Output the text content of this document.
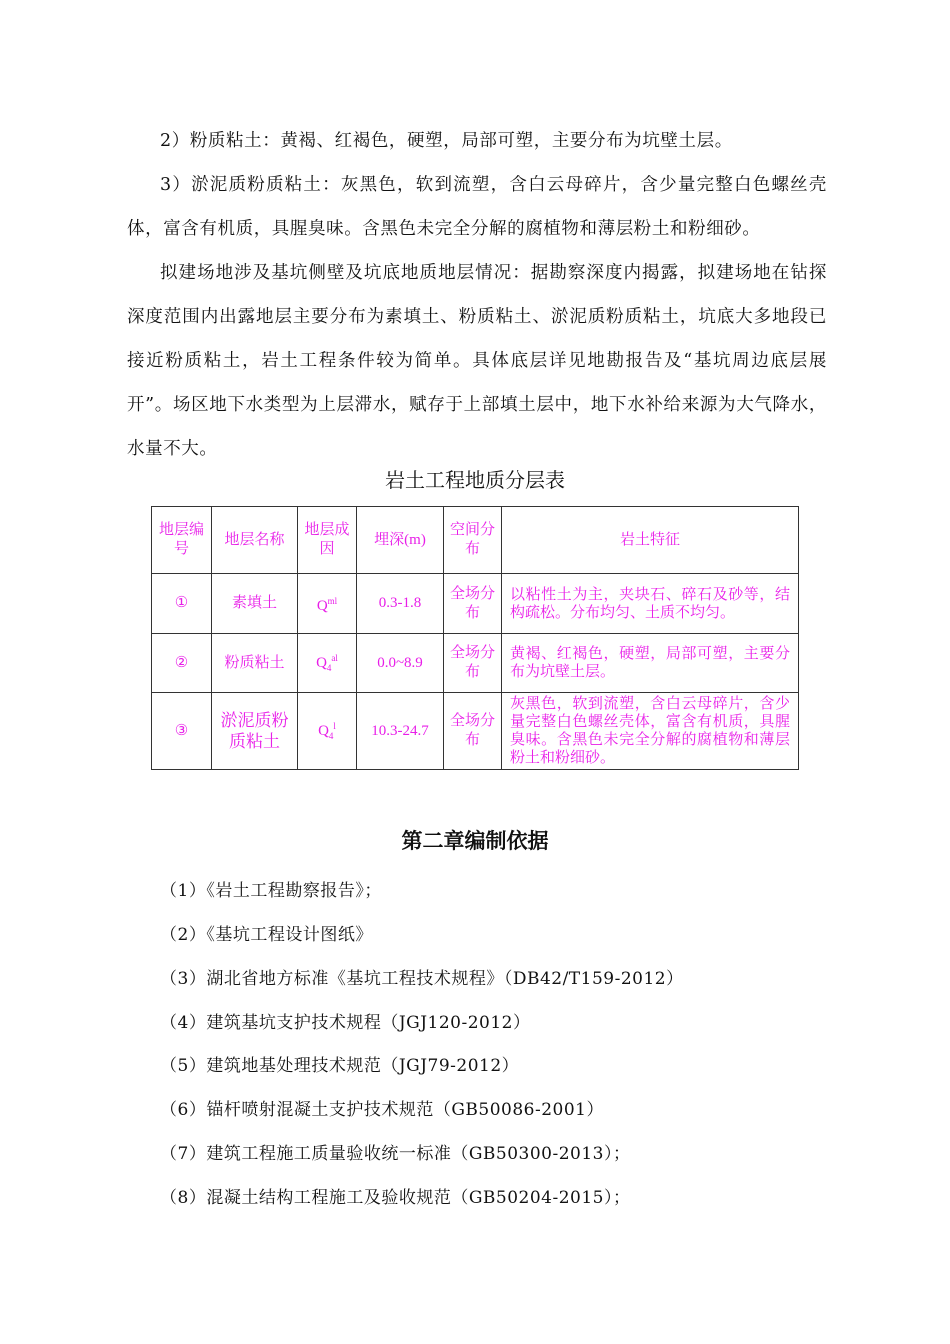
2）粉质粘土：黄褐、红褐色，硬塑，局部可塑，主要分布为坑壁土层。
3）淤泥质粉质粘土：灰黑色，软到流塑，含白云母碎片，含少量完整白色螺丝壳体，富含有机质，具腥臭味。含黑色未完全分解的腐植物和薄层粉土和粉细砂。
拟建场地涉及基坑侧壁及坑底地质地层情况：据勘察深度内揭露，拟建场地在钻探深度范围内出露地层主要分布为素填土、粉质粘土、淤泥质粉质粘土，坑底大多地段已接近粉质粘土，岩土工程条件较为简单。具体底层详见地勘报告及“基坑周边底层展开”。场区地下水类型为上层滞水，赋存于上部填土层中，地下水补给来源为大气降水，水量不大。
岩土工程地质分层表
地层编号	地层名称	地层成因	埋深(m)	空间分布	岩土特征
①	素填土	$Q^{ml}$	0.3-1.8	全场分布	以粘性土为主，夹块石、碎石及砂等，结构疏松。分布均匀、土质不均匀。
②	粉质粘土	$Q_4^{al}$	0.0~8.9	全场分布	黄褐、红褐色，硬塑，局部可塑，主要分布为坑壁土层。
③	淤泥质粉质粘土	$Q_4^l$	10.3-24.7	全场分布	灰黑色，软到流塑，含白云母碎片，含少量完整白色螺丝壳体，富含有机质，具腥臭味。含黑色未完全分解的腐植物和薄层粉土和粉细砂。
第二章编制依据
（1）《岩土工程勘察报告》；
（2）《基坑工程设计图纸》
（3）湖北省地方标准《基坑工程技术规程》（DB42/T159-2012）
（4）建筑基坑支护技术规程（JGJ120-2012）
（5）建筑地基处理技术规范（JGJ79-2012）
（6）锚杆喷射混凝土支护技术规范（GB50086-2001）
（7）建筑工程施工质量验收统一标准（GB50300-2013）；
（8）混凝土结构工程施工及验收规范（GB50204-2015）；
